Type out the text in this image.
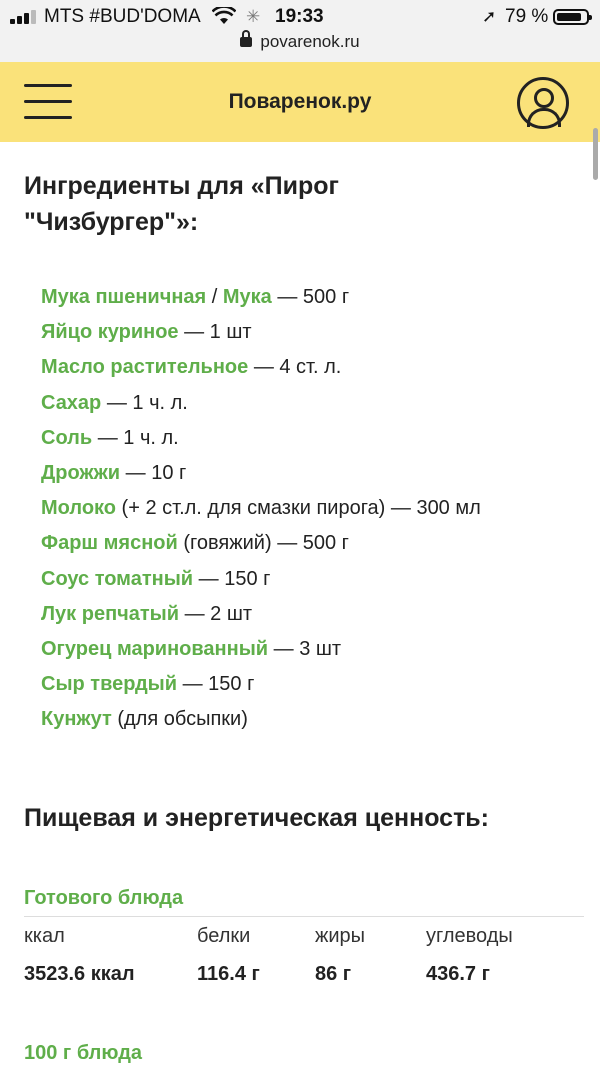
MTS #BUD'DOMA	✳ 19:33	➚ 79 %
povarenok.ru
Поваренок.ру
Ингредиенты для «Пирог
"Чизбургер"»:
Мука пшеничная / Мука — 500 г
Яйцо куриное — 1 шт
Масло растительное — 4 ст. л.
Сахар — 1 ч. л.
Соль — 1 ч. л.
Дрожжи — 10 г
Молоко (+ 2 ст.л. для смазки пирога) — 300 мл
Фарш мясной (говяжий) — 500 г
Соус томатный — 150 г
Лук репчатый — 2 шт
Огурец маринованный — 3 шт
Сыр твердый — 150 г
Кунжут (для обсыпки)
Пищевая и энергетическая ценность:
Готового блюда
ккал	белки	жиры	углеводы
3523.6 ккал	116.4 г	86 г	436.7 г
100 г блюда
